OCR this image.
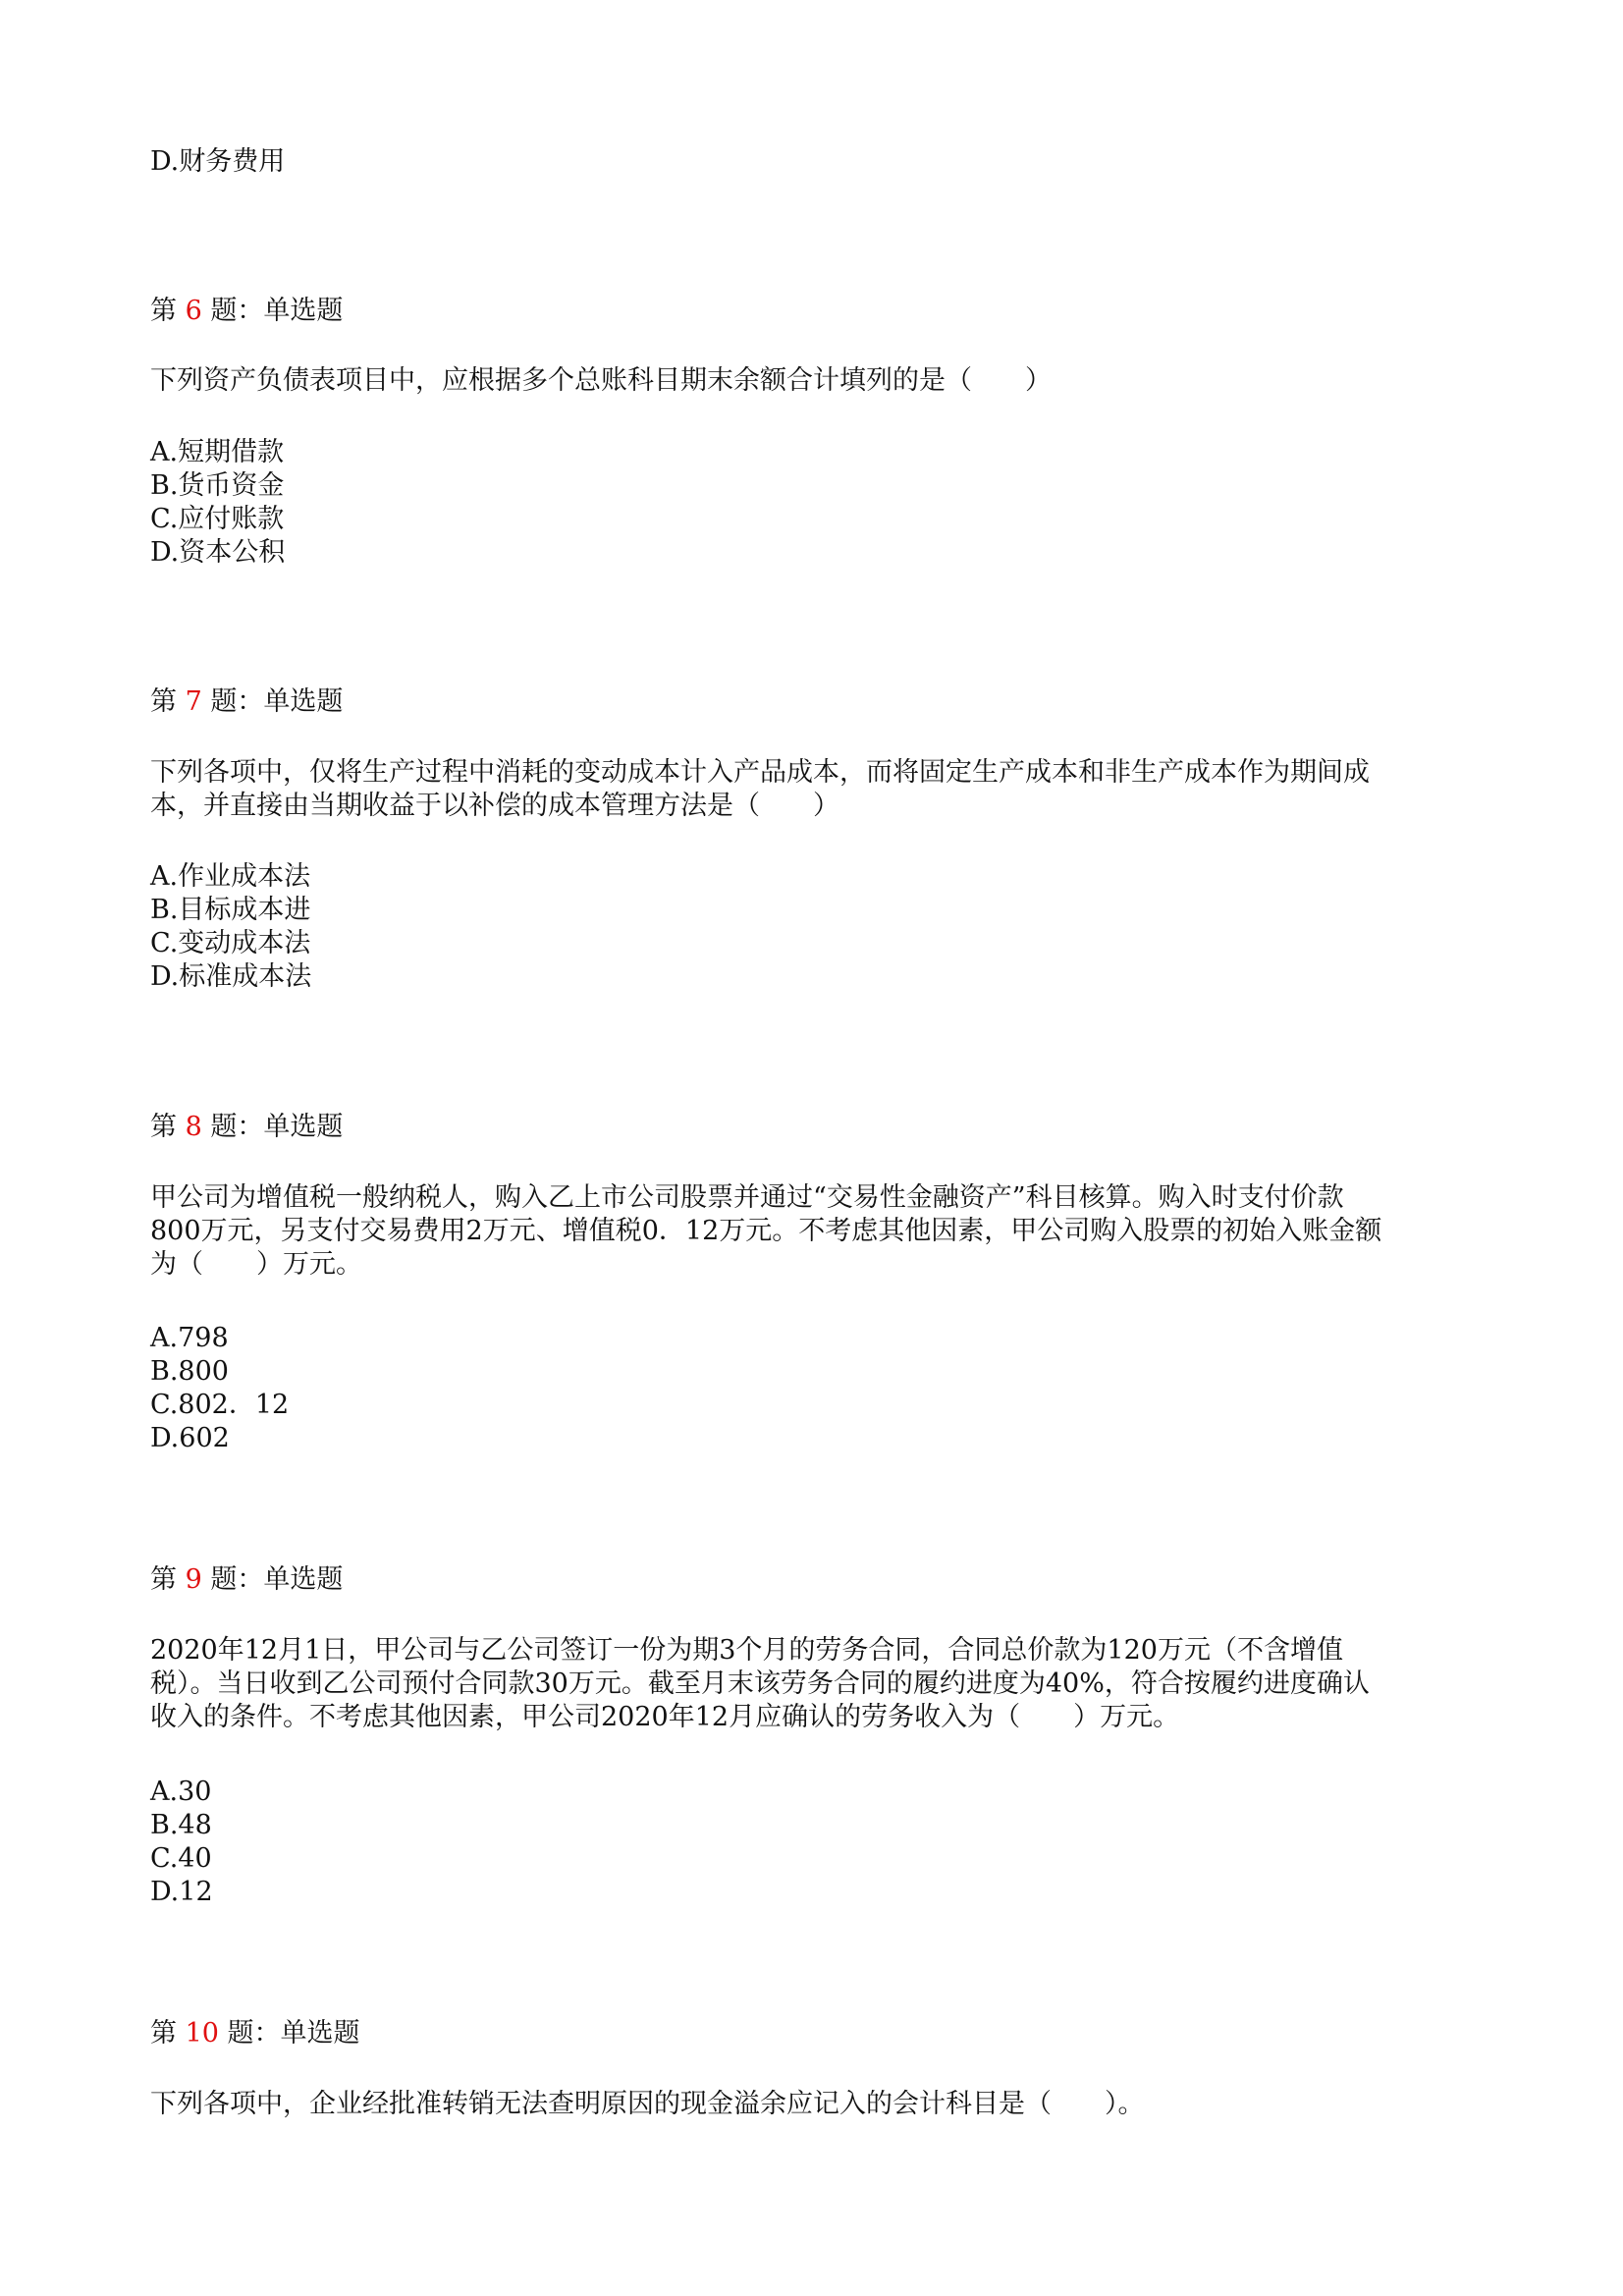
D.财务费用
第 6 题：单选题
下列资产负债表项目中，应根据多个总账科目期末余额合计填列的是（　　）
A.短期借款
B.货币资金
C.应付账款
D.资本公积
第 7 题：单选题
下列各项中，仅将生产过程中消耗的变动成本计入产品成本，而将固定生产成本和非生产成本作为期间成
本，并直接由当期收益于以补偿的成本管理方法是（　　）
A.作业成本法
B.目标成本进
C.变动成本法
D.标准成本法
第 8 题：单选题
甲公司为增值税一般纳税人，购入乙上市公司股票并通过“交易性金融资产”科目核算。购入时支付价款
800万元，另支付交易费用2万元、增值税0．12万元。不考虑其他因素，甲公司购入股票的初始入账金额
为（　　）万元。
A.798
B.800
C.802．12
D.602
第 9 题：单选题
2020年12月1日，甲公司与乙公司签订一份为期3个月的劳务合同，合同总价款为120万元（不含增值
税）。当日收到乙公司预付合同款30万元。截至月末该劳务合同的履约进度为40%，符合按履约进度确认
收入的条件。不考虑其他因素，甲公司2020年12月应确认的劳务收入为（　　）万元。
A.30
B.48
C.40
D.12
第 10 题：单选题
下列各项中，企业经批准转销无法查明原因的现金溢余应记入的会计科目是（　　）。
